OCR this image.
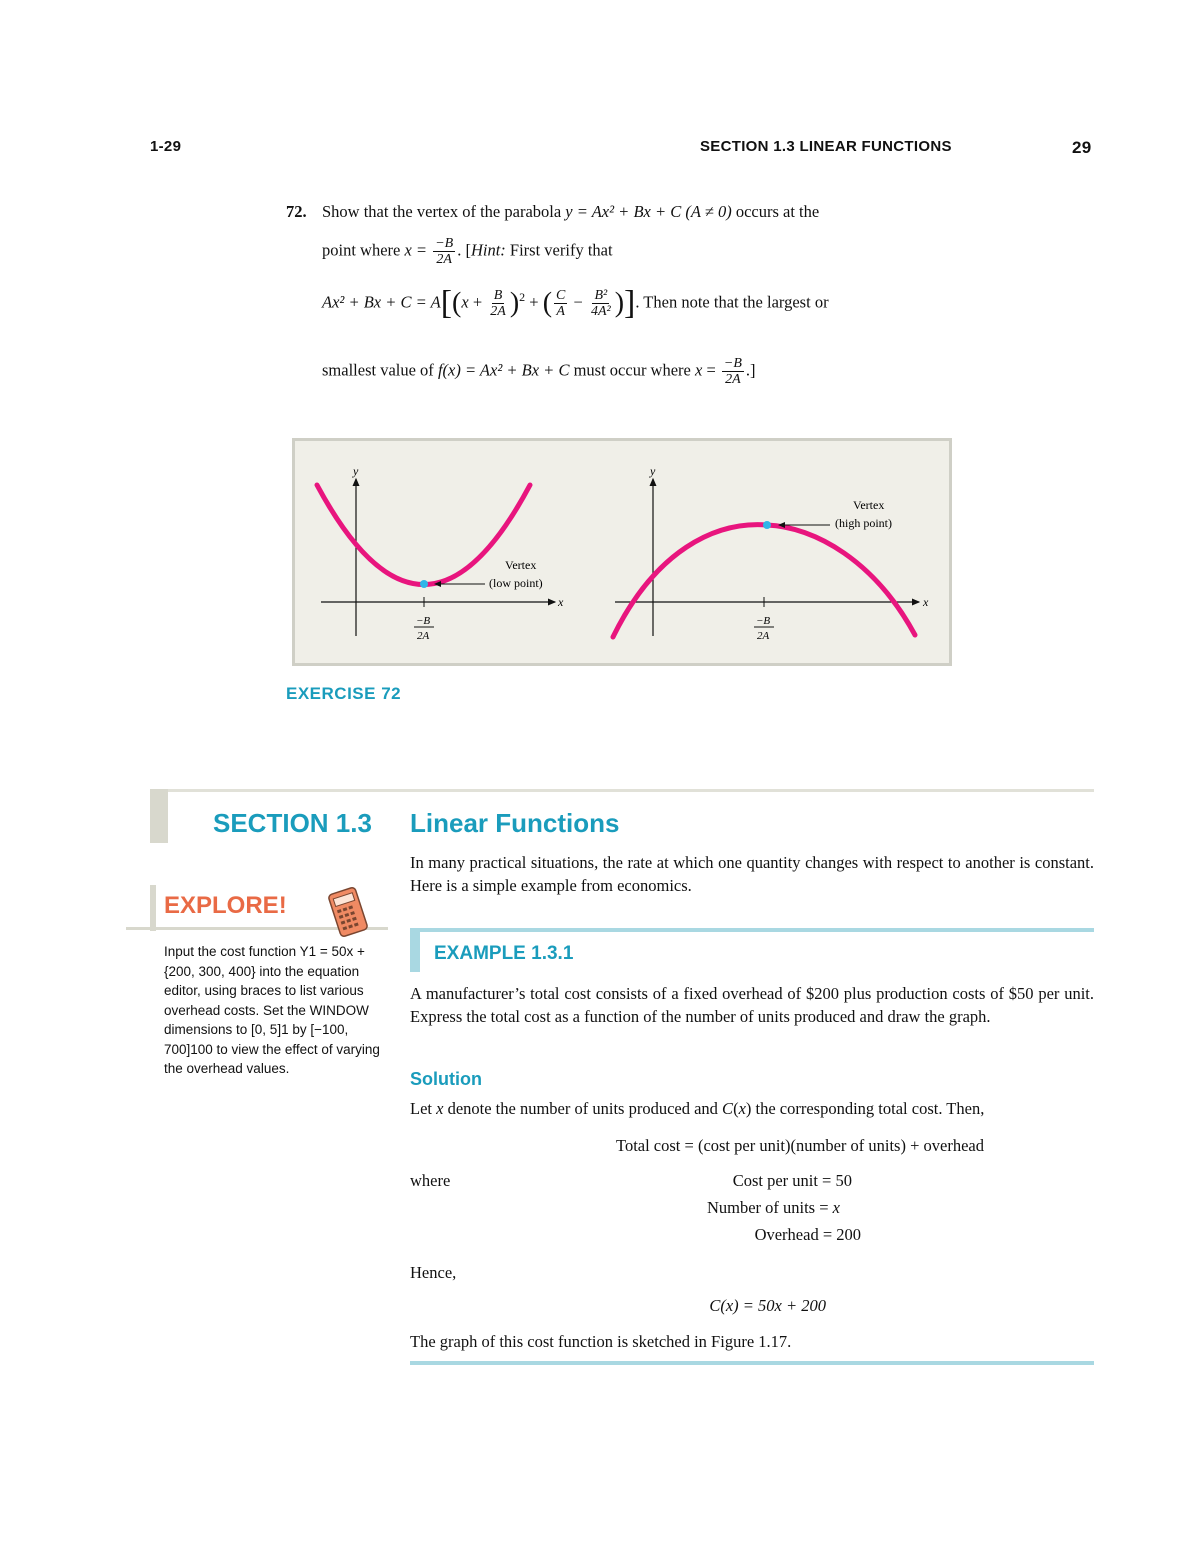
1-29	SECTION 1.3 LINEAR FUNCTIONS	29
72. Show that the vertex of the parabola y = Ax² + Bx + C (A ≠ 0) occurs at the
point where $x = \frac{-B}{2A}$ . [Hint: First verify that
$Ax^2 + Bx + C = A[(x + \frac{B}{2A} )^2$ + ( $\frac{C}{A} - \frac{\text{B²}}{\text{4A²}}$ )]. Then note that the largest or
smallest value of f(x) = Ax² + Bx + C must occur where $x = \frac{-B}{2A}$ .]
y
x
Vertex
(low point)
−B
2A
y
x
Vertex
(high point)
−B
2A
EXERCISE 72
SECTION 1.3 Linear Functions
In many practical situations, the rate at which one quantity changes with respect to another is constant. Here is a simple example from economics.
EXPLORE!
Input the cost function Y1 = 50x + {200, 300, 400} into the equation editor, using braces to list various overhead costs. Set the WINDOW dimensions to [0, 5]1 by [−100, 700]100 to view the effect of varying the overhead values.
EXAMPLE 1.3.1
A manufacturer’s total cost consists of a fixed overhead of $200 plus production costs of $50 per unit. Express the total cost as a function of the number of units produced and draw the graph.
Solution
Let x denote the number of units produced and C(x) the corresponding total cost. Then,
Total cost = (cost per unit)(number of units) + overhead
where	Cost per unit = 50
Number of units = x
Overhead = 200
Hence,
C(x) = 50x + 200
The graph of this cost function is sketched in Figure 1.17.
